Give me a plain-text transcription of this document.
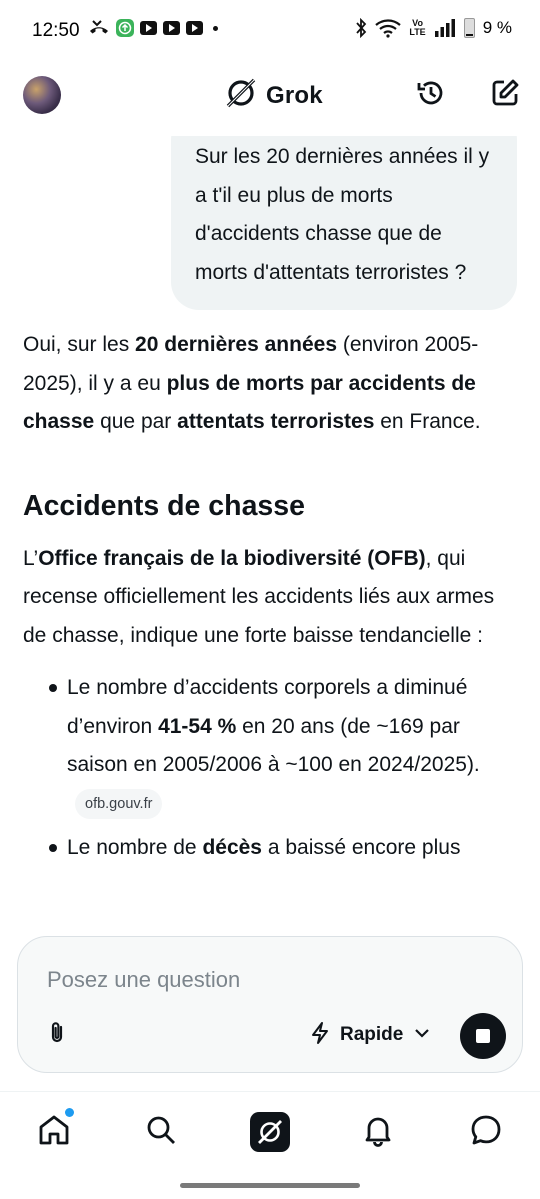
12:50	Vo
LTE	9 %
Grok
Sur les 20 dernières années il y a t'il eu plus de morts d'accidents chasse que de morts d'attentats terroristes ?

Oui, sur les 20 dernières années (environ 2005-2025), il y a eu plus de morts par accidents de chasse que par attentats terroristes en France.

Accidents de chasse

L’Office français de la biodiversité (OFB), qui recense officiellement les accidents liés aux armes de chasse, indique une forte baisse tendancielle :

Le nombre d’accidents corporels a diminué d’environ 41-54 % en 20 ans (de ~169 par saison en 2005/2006 à ~100 en 2024/2025).ofb.gouv.fr
Le nombre de décès a baissé encore plus
Posez une question
Rapide
